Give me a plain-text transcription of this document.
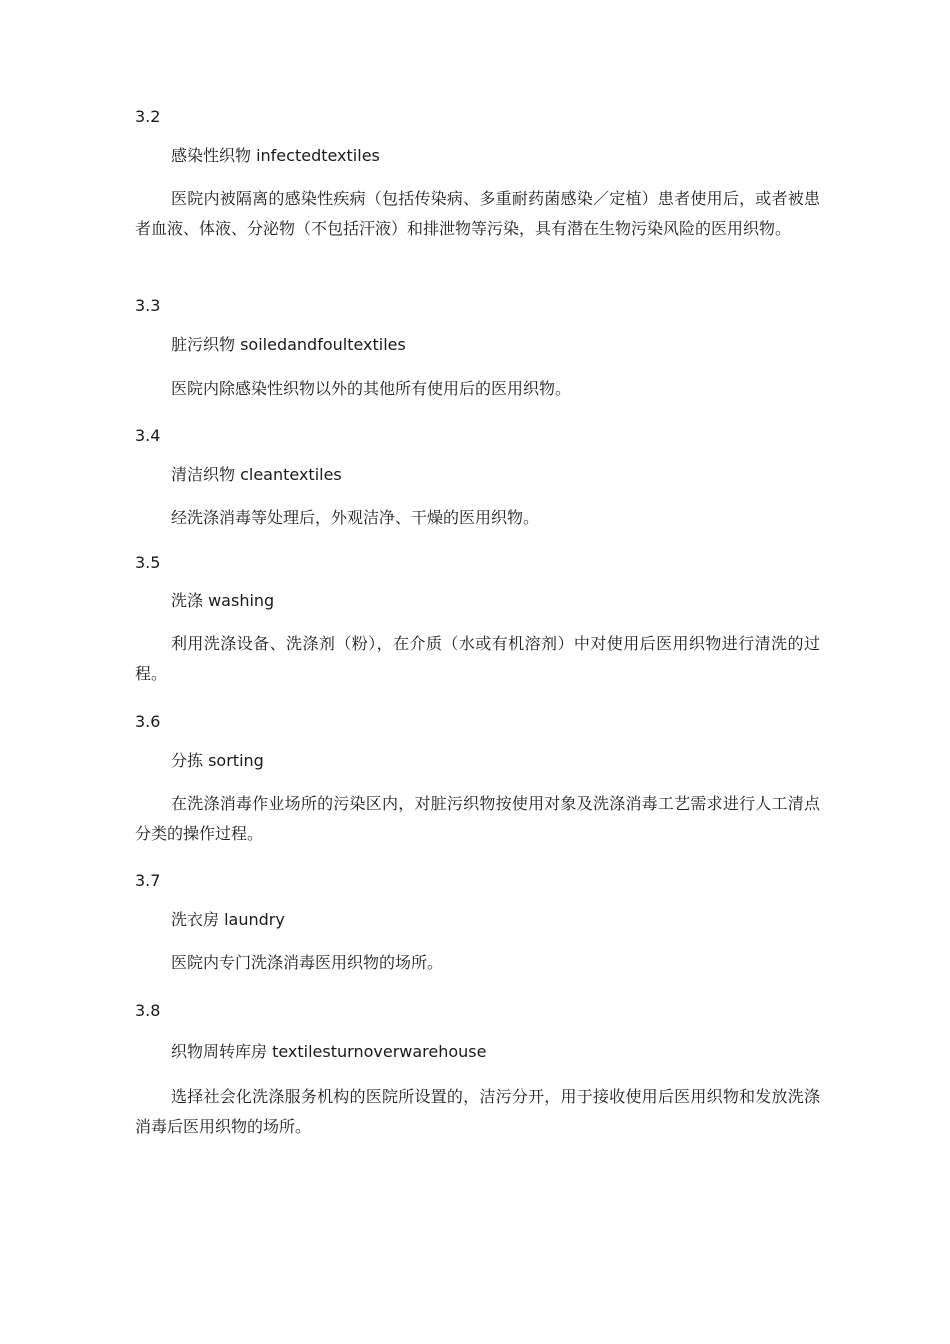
3.2
感染性织物 infectedtextiles
医院内被隔离的感染性疾病（包括传染病、多重耐药菌感染／定植）患者使用后，或者被患者血液、体液、分泌物（不包括汗液）和排泄物等污染，具有潜在生物污染风险的医用织物。
3.3
脏污织物 soiledandfoultextiles
医院内除感染性织物以外的其他所有使用后的医用织物。
3.4
清洁织物 cleantextiles
经洗涤消毒等处理后，外观洁净、干燥的医用织物。
3.5
洗涤 washing
利用洗涤设备、洗涤剂（粉），在介质（水或有机溶剂）中对使用后医用织物进行清洗的过程。
3.6
分拣 sorting
在洗涤消毒作业场所的污染区内，对脏污织物按使用对象及洗涤消毒工艺需求进行人工清点分类的操作过程。
3.7
洗衣房 laundry
医院内专门洗涤消毒医用织物的场所。
3.8
织物周转库房 textilesturnoverwarehouse
选择社会化洗涤服务机构的医院所设置的，洁污分开，用于接收使用后医用织物和发放洗涤消毒后医用织物的场所。
